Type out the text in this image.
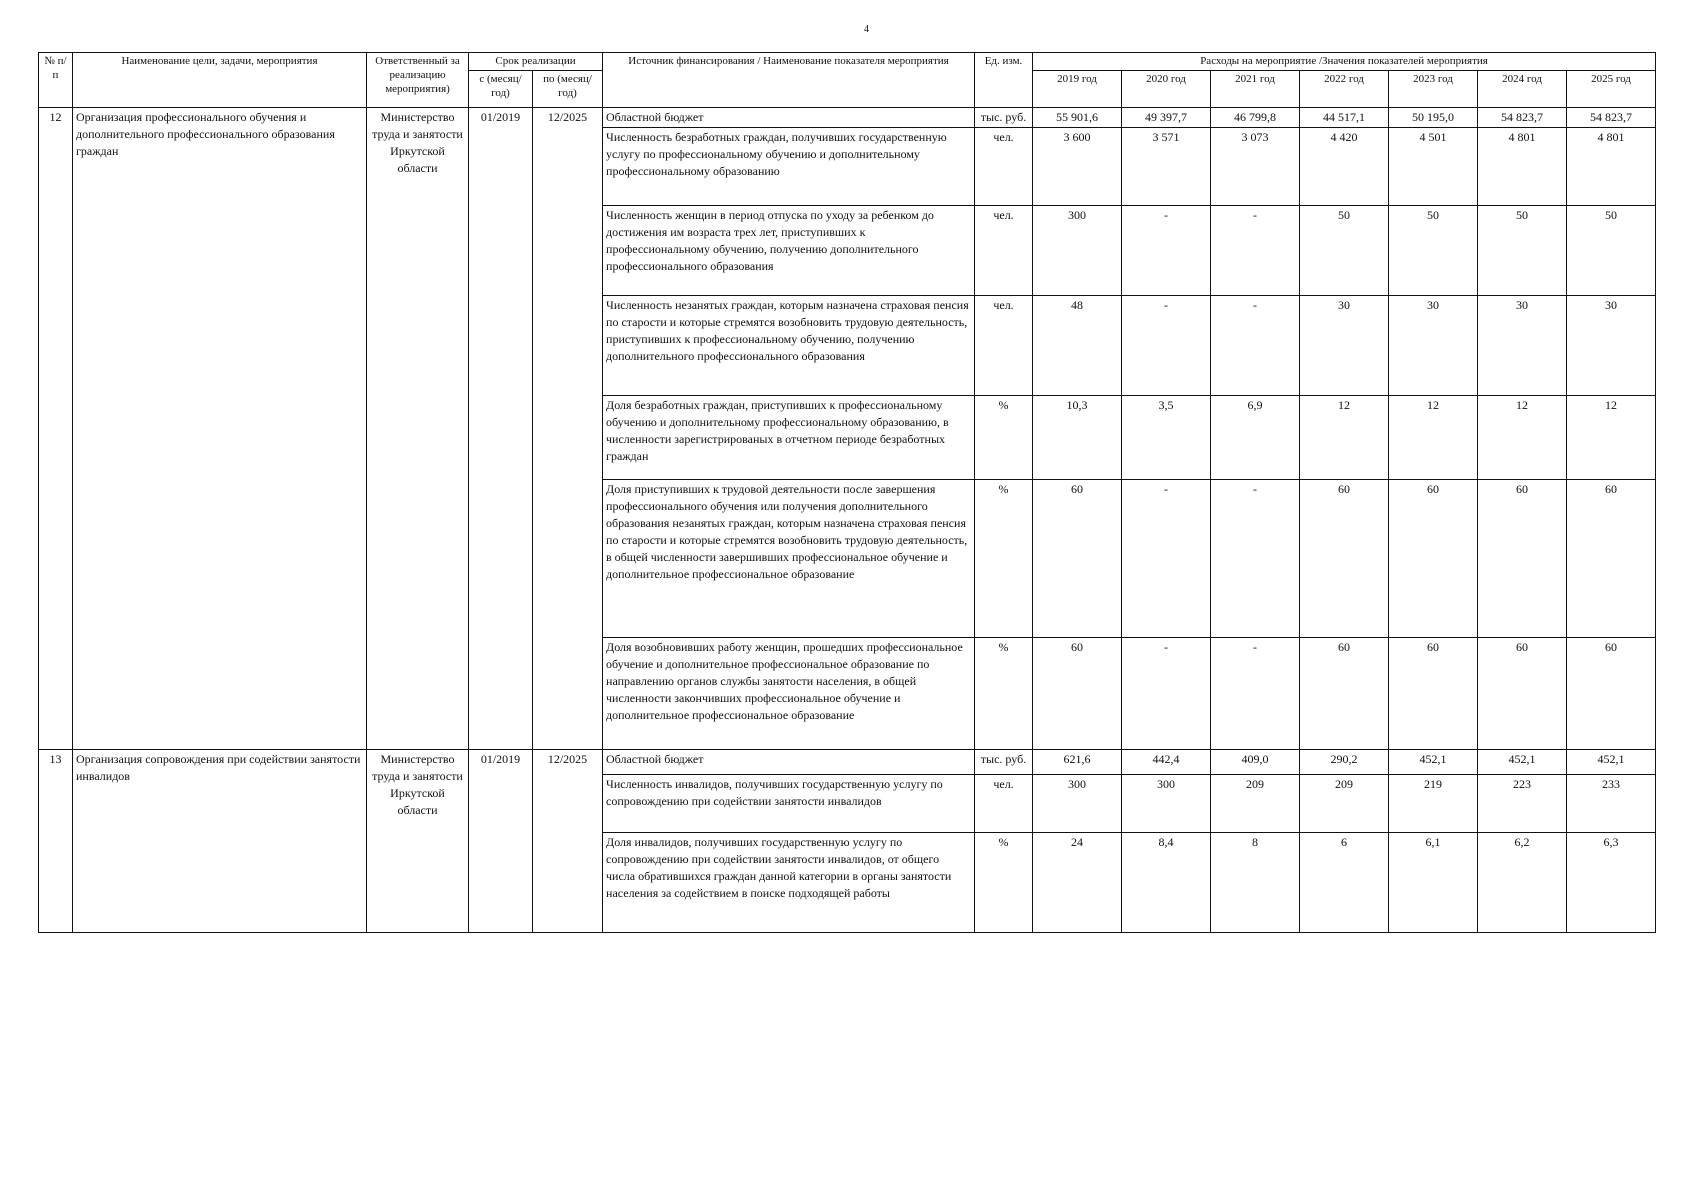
4
№ п/п	Наименование цели, задачи, мероприятия	Ответственный за реализацию мероприятия)	Срок реализации		Источник финансирования / Наименование показателя мероприятия	Ед. изм.	Расходы на мероприятие /Значения показателей мероприятия						
			с (месяц/ год)	по (месяц/ год)			2019 год	2020 год	2021 год	2022 год	2023 год	2024 год	2025 год
12	Организация профессионального обучения и дополнительного профессионального образования граждан	Министерство труда и занятости Иркутской области	01/2019	12/2025	Областной бюджет	тыс. руб.	55 901,6	49 397,7	46 799,8	44 517,1	50 195,0	54 823,7	54 823,7
					Численность безработных граждан, получивших государственную услугу по профессиональному обучению и дополнительному профессиональному образованию	чел.	3 600	3 571	3 073	4 420	4 501	4 801	4 801
					Численность женщин в период отпуска по уходу за ребенком до достижения им возраста трех лет, приступивших к профессиональному обучению, получению дополнительного профессионального образования	чел.	300	-	-	50	50	50	50
					Численность незанятых граждан, которым назначена страховая пенсия по старости и которые стремятся возобновить трудовую деятельность, приступивших к профессиональному обучению, получению дополнительного профессионального образования	чел.	48	-	-	30	30	30	30
					Доля безработных граждан, приступивших к профессиональному обучению и дополнительному профессиональному образованию, в численности зарегистрированых в отчетном периоде безработных граждан	%	10,3	3,5	6,9	12	12	12	12
					Доля приступивших к трудовой деятельности после завершения профессионального обучения или получения дополнительного образования незанятых граждан, которым назначена страховая пенсия по старости и которые стремятся возобновить трудовую деятельность, в общей численности завершивших профессиональное обучение и дополнительное профессиональное образование	%	60	-	-	60	60	60	60
					Доля возобновивших работу женщин, прошедших профессиональное обучение и дополнительное профессиональное образование по направлению органов службы занятости населения, в общей численности закончивших профессиональное обучение и дополнительное профессиональное образование	%	60	-	-	60	60	60	60
13	Организация сопровождения при содействии занятости инвалидов	Министерство труда и занятости Иркутской области	01/2019	12/2025	Областной бюджет	тыс. руб.	621,6	442,4	409,0	290,2	452,1	452,1	452,1
					Численность инвалидов, получивших государственную услугу по сопровождению при содействии занятости инвалидов	чел.	300	300	209	209	219	223	233
					Доля инвалидов, получивших государственную услугу по сопровождению при содействии занятости инвалидов, от общего числа обратившихся граждан данной категории в органы занятости населения за содействием в поиске подходящей работы	%	24	8,4	8	6	6,1	6,2	6,3
